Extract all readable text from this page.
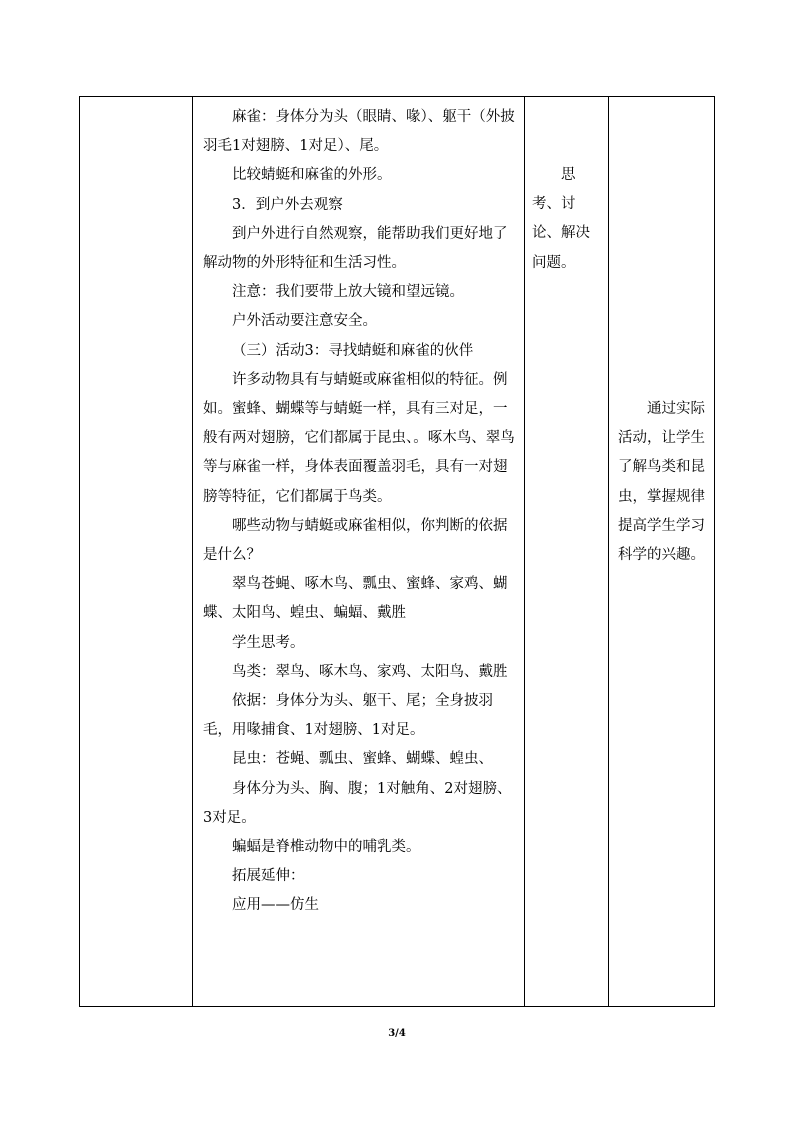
麻雀：身体分为头（眼睛、喙）、躯干（外披羽毛1对翅膀、1对足）、尾。

比较蜻蜓和麻雀的外形。

3．到户外去观察

到户外进行自然观察，能帮助我们更好地了解动物的外形特征和生活习性。

注意：我们要带上放大镜和望远镜。

户外活动要注意安全。

（三）活动3：寻找蜻蜓和麻雀的伙伴

许多动物具有与蜻蜓或麻雀相似的特征。例如。蜜蜂、蝴蝶等与蜻蜓一样，具有三对足，一般有两对翅膀，它们都属于昆虫、。啄木鸟、翠鸟等与麻雀一样，身体表面覆盖羽毛，具有一对翅膀等特征，它们都属于鸟类。

哪些动物与蜻蜓或麻雀相似，你判断的依据是什么？

翠鸟苍蝇、啄木鸟、瓢虫、蜜蜂、家鸡、蝴蝶、太阳鸟、蝗虫、蝙蝠、戴胜

学生思考。

鸟类：翠鸟、啄木鸟、家鸡、太阳鸟、戴胜

依据：身体分为头、躯干、尾；全身披羽毛，用喙捕食、1对翅膀、1对足。

昆虫：苍蝇、瓢虫、蜜蜂、蝴蝶、蝗虫、

身体分为头、胸、腹；1对触角、2对翅膀、3对足。

蝙蝠是脊椎动物中的哺乳类。

拓展延伸：

应用——仿生

思考、讨论、解决问题。

通过实际活动，让学生了解鸟类和昆虫，掌握规律提高学生学习科学的兴趣。

3/4
